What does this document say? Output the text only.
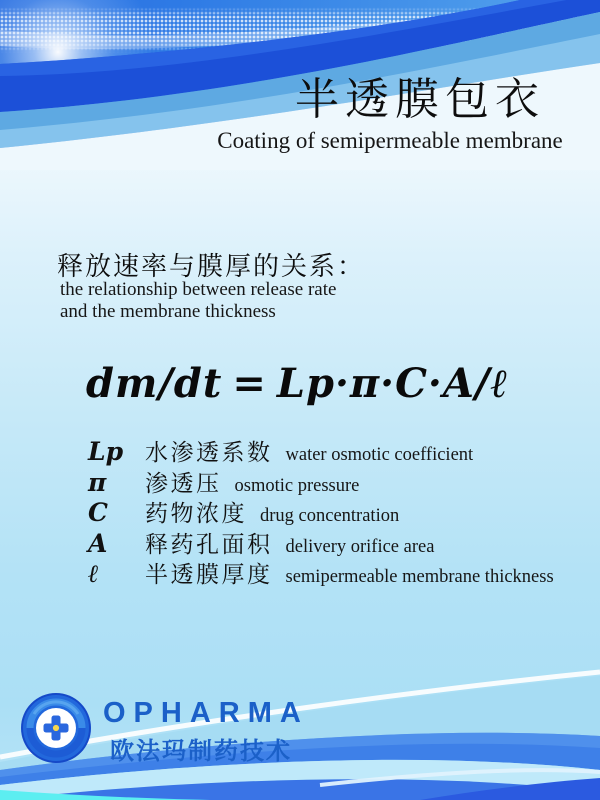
半透膜包衣
Coating of semipermeable membrane
释放速率与膜厚的关系：
the relationship between release rate
and the membrane thickness
dm/dt = Lp·π·C·A/ℓ
Lp 水渗透系数 water osmotic coefficient
π	渗透压 osmotic pressure
C	药物浓度 drug concentration
A	释药孔面积 delivery orifice area
ℓ	半透膜厚度 semipermeable membrane thickness
OPHARMA
欧法玛制药技术
